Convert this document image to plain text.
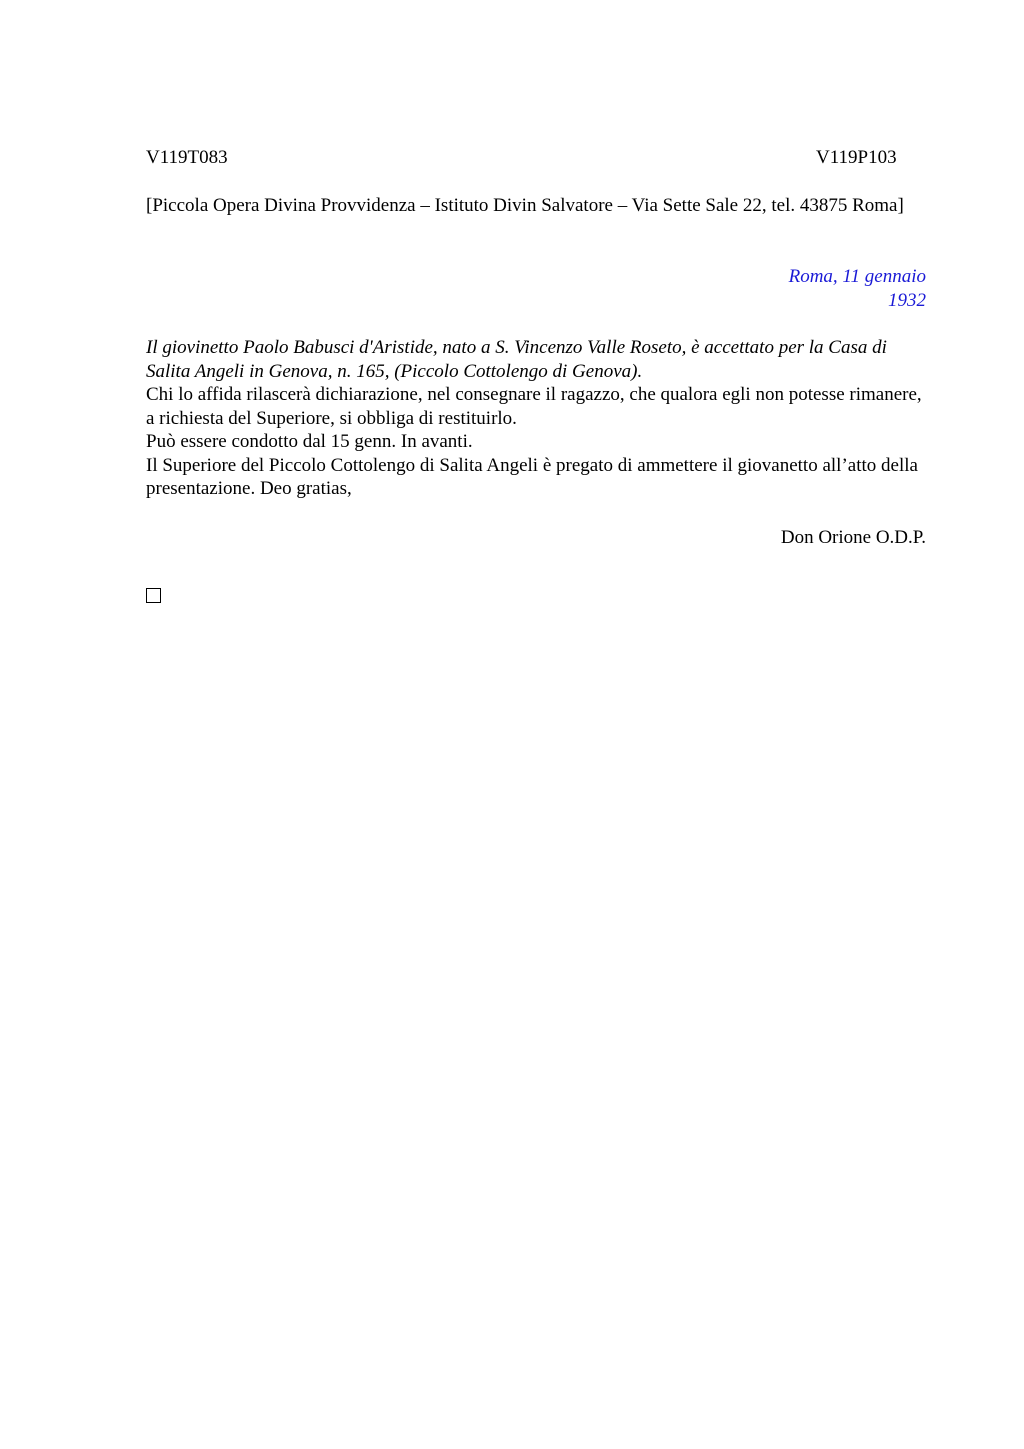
V119T083	V119P103
[Piccola Opera Divina Provvidenza – Istituto Divin Salvatore – Via Sette Sale 22, tel. 43875 Roma]
Roma, 11 gennaio
1932

Il giovinetto Paolo Babusci d'Aristide, nato a S. Vincenzo Valle Roseto, è accettato per la Casa di Salita Angeli in Genova, n. 165, (Piccolo Cottolengo di Genova).

Chi lo affida rilascerà dichiarazione, nel consegnare il ragazzo, che qualora egli non potesse rimanere, a richiesta del Superiore, si obbliga di restituirlo.

Può essere condotto dal 15 genn. In avanti.

Il Superiore del Piccolo Cottolengo di Salita Angeli è pregato di ammettere il giovanetto all’atto della presentazione. Deo gratias,

Don Orione O.D.P.
